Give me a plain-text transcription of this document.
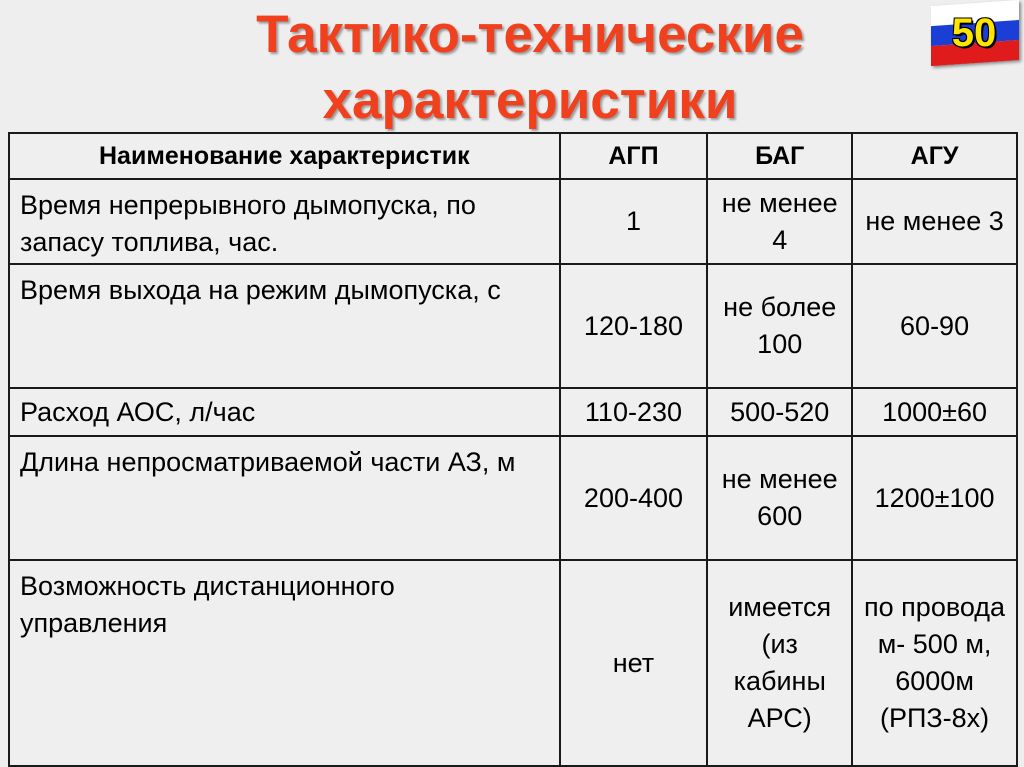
Тактико-технические
характеристики
50
Наименование характеристик	АГП	БАГ	АГУ
Время непрерывного дымопуска, по запасу топлива, час.	1	не менее 4	не менее 3
Время выхода на режим дымопуска, с	120-180	не более 100	60-90
Расход АОС, л/час	110-230	500-520	1000±60
Длина непросматриваемой части АЗ, м	200-400	не менее 600	1200±100
Возможность дистанционного управления	нет	имеется (из кабины АРС)	по провода м- 500 м, 6000м (РПЗ-8х)
